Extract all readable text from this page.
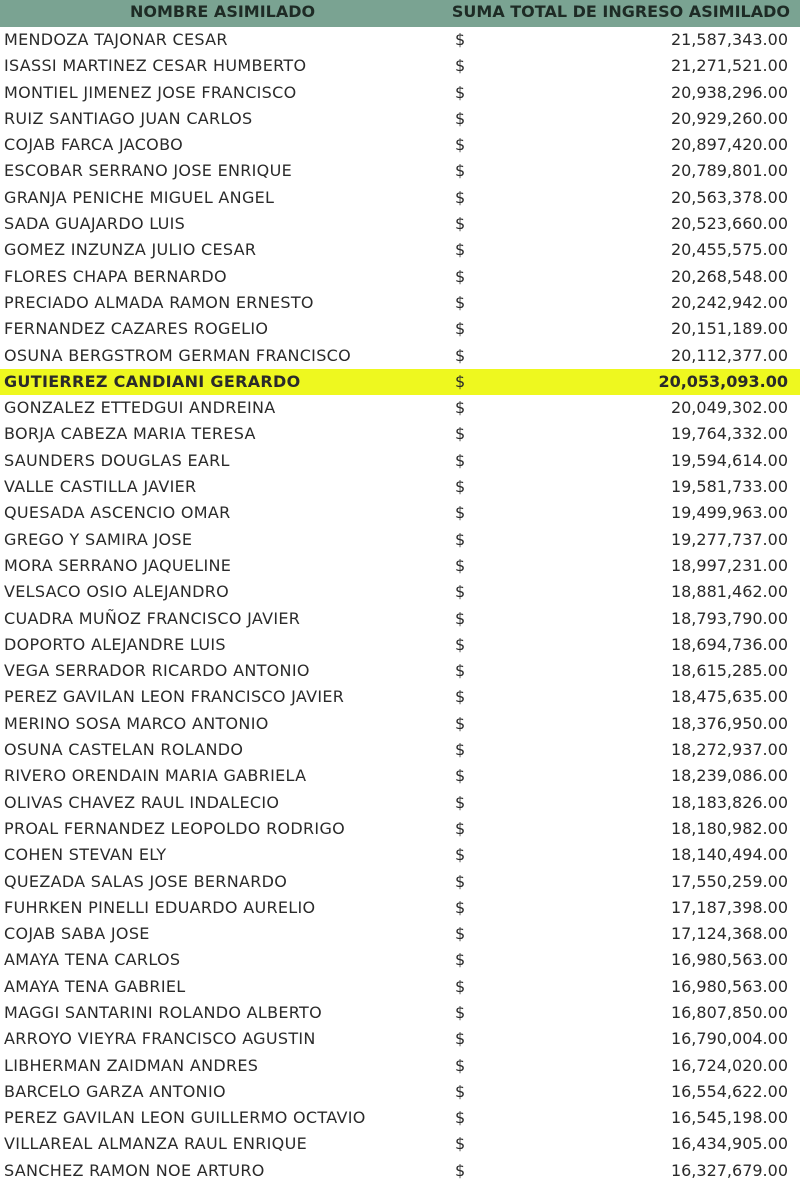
NOMBRE ASIMILADO	SUMA TOTAL DE INGRESO ASIMILADO
MENDOZA TAJONAR CESAR	$	21,587,343.00
ISASSI MARTINEZ CESAR HUMBERTO	$	21,271,521.00
MONTIEL JIMENEZ JOSE FRANCISCO	$	20,938,296.00
RUIZ SANTIAGO JUAN CARLOS	$	20,929,260.00
COJAB FARCA JACOBO	$	20,897,420.00
ESCOBAR SERRANO JOSE ENRIQUE	$	20,789,801.00
GRANJA PENICHE MIGUEL ANGEL	$	20,563,378.00
SADA GUAJARDO LUIS	$	20,523,660.00
GOMEZ INZUNZA JULIO CESAR	$	20,455,575.00
FLORES CHAPA BERNARDO	$	20,268,548.00
PRECIADO ALMADA RAMON ERNESTO	$	20,242,942.00
FERNANDEZ CAZARES ROGELIO	$	20,151,189.00
OSUNA BERGSTROM GERMAN FRANCISCO	$	20,112,377.00
GUTIERREZ CANDIANI GERARDO	$	20,053,093.00
GONZALEZ ETTEDGUI ANDREINA	$	20,049,302.00
BORJA CABEZA MARIA TERESA	$	19,764,332.00
SAUNDERS DOUGLAS EARL	$	19,594,614.00
VALLE CASTILLA JAVIER	$	19,581,733.00
QUESADA ASCENCIO OMAR	$	19,499,963.00
GREGO Y SAMIRA JOSE	$	19,277,737.00
MORA SERRANO JAQUELINE	$	18,997,231.00
VELSACO OSIO ALEJANDRO	$	18,881,462.00
CUADRA MUÑOZ FRANCISCO JAVIER	$	18,793,790.00
DOPORTO ALEJANDRE LUIS	$	18,694,736.00
VEGA SERRADOR RICARDO ANTONIO	$	18,615,285.00
PEREZ GAVILAN LEON FRANCISCO JAVIER	$	18,475,635.00
MERINO SOSA MARCO ANTONIO	$	18,376,950.00
OSUNA CASTELAN ROLANDO	$	18,272,937.00
RIVERO ORENDAIN MARIA GABRIELA	$	18,239,086.00
OLIVAS CHAVEZ RAUL INDALECIO	$	18,183,826.00
PROAL FERNANDEZ LEOPOLDO RODRIGO	$	18,180,982.00
COHEN STEVAN ELY	$	18,140,494.00
QUEZADA SALAS JOSE BERNARDO	$	17,550,259.00
FUHRKEN PINELLI EDUARDO AURELIO	$	17,187,398.00
COJAB SABA JOSE	$	17,124,368.00
AMAYA TENA CARLOS	$	16,980,563.00
AMAYA TENA GABRIEL	$	16,980,563.00
MAGGI SANTARINI ROLANDO ALBERTO	$	16,807,850.00
ARROYO VIEYRA FRANCISCO AGUSTIN	$	16,790,004.00
LIBHERMAN ZAIDMAN ANDRES	$	16,724,020.00
BARCELO GARZA ANTONIO	$	16,554,622.00
PEREZ GAVILAN LEON GUILLERMO OCTAVIO	$	16,545,198.00
VILLAREAL ALMANZA RAUL ENRIQUE	$	16,434,905.00
SANCHEZ RAMON NOE ARTURO	$	16,327,679.00
